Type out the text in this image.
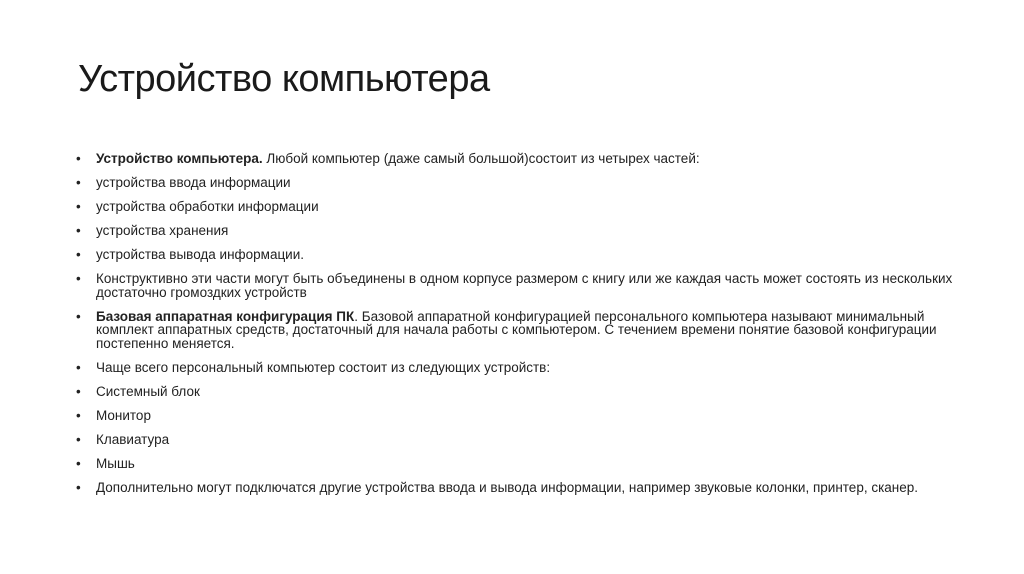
Устройство компьютера
• Устройство компьютера. Любой компьютер (даже самый большой)состоит из четырех частей:
• устройства ввода информации
• устройства обработки информации
• устройства хранения
• устройства вывода информации.
• Конструктивно эти части могут быть объединены в одном корпусе размером с книгу или же каждая часть может состоять из нескольких достаточно громоздких устройств
• Базовая аппаратная конфигурация ПК. Базовой аппаратной конфигурацией персонального компьютера называют минимальный комплект аппаратных средств, достаточный для начала работы с компьютером. С течением времени понятие базовой конфигурации постепенно меняется.
• Чаще всего персональный компьютер состоит из следующих устройств:
• Системный блок
• Монитор
• Клавиатура
• Мышь
• Дополнительно могут подключатся другие устройства ввода и вывода информации, например звуковые колонки, принтер, сканер.
